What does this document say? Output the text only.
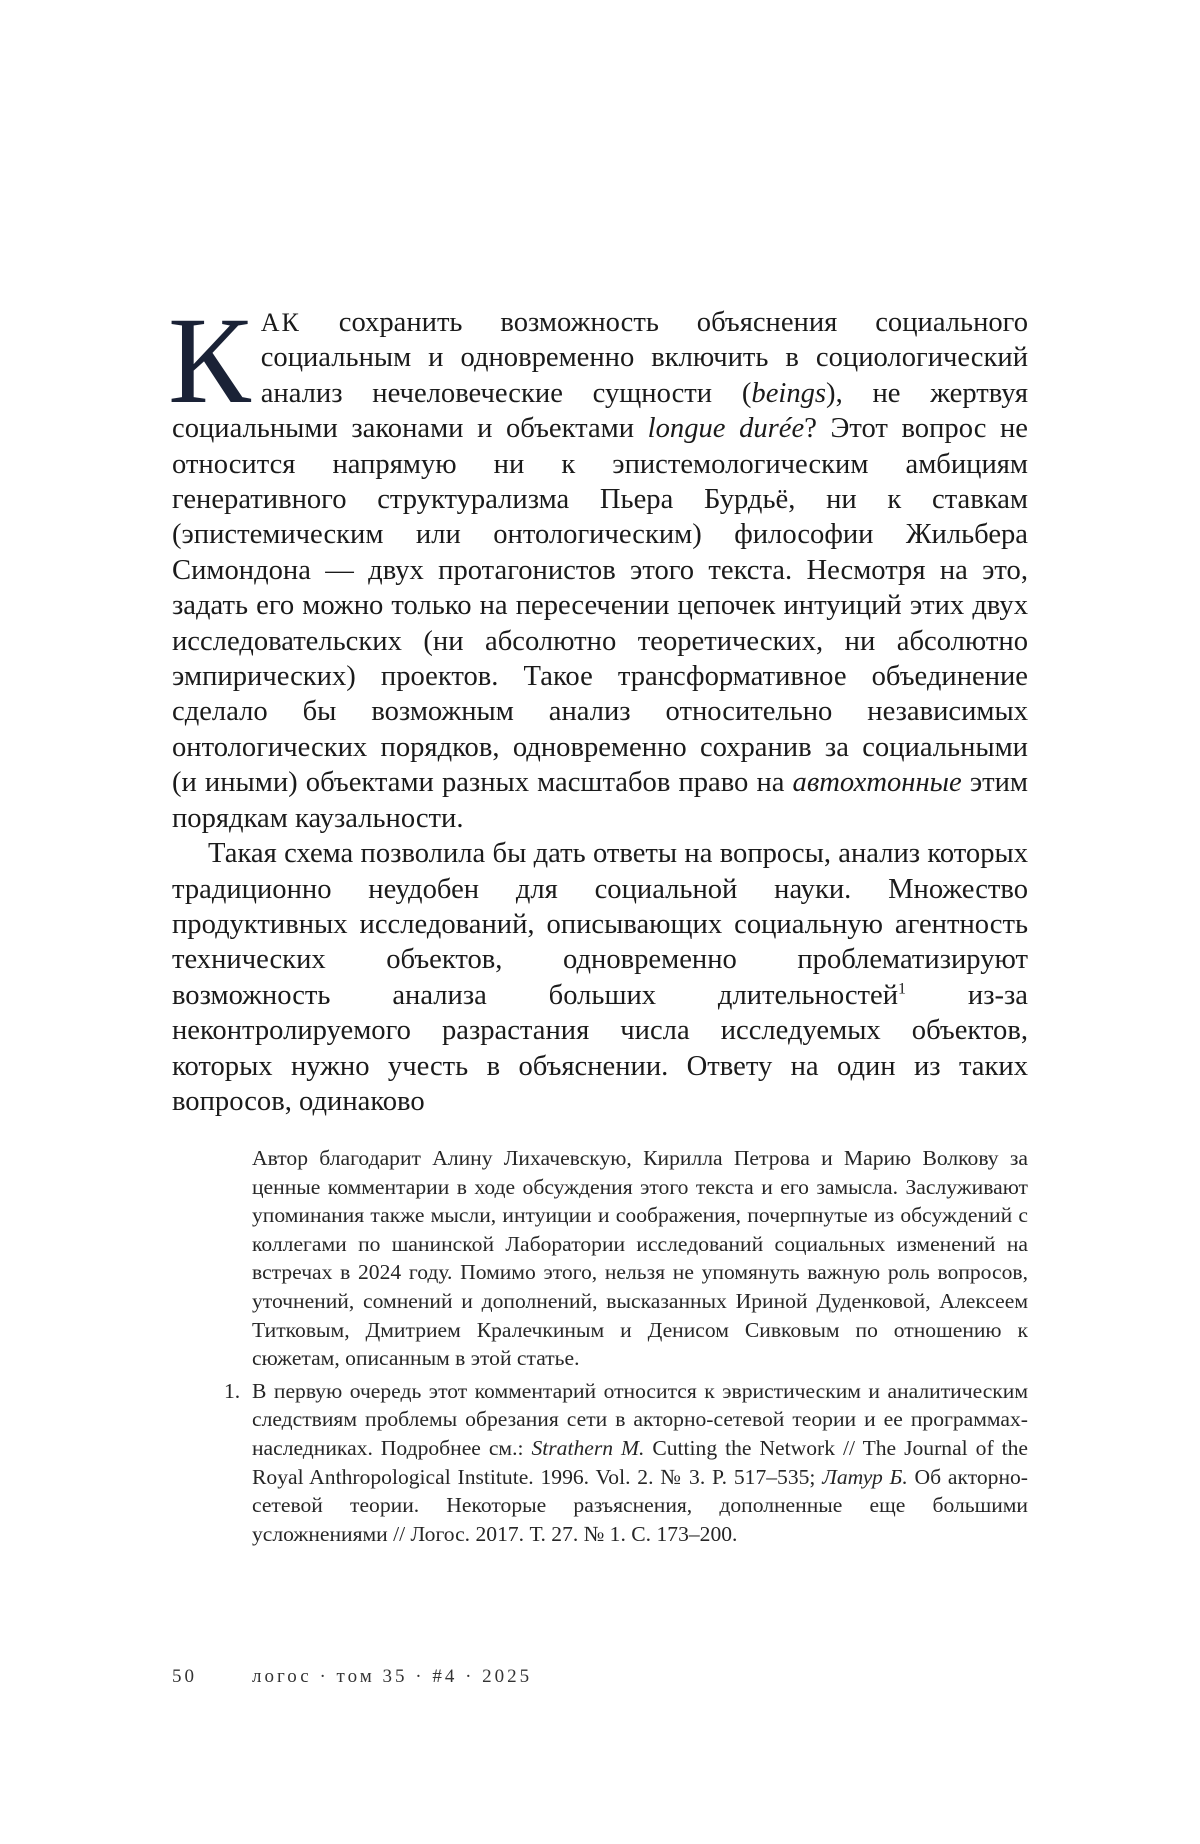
КАК сохранить возможность объяснения социального социальным и одновременно включить в социологический анализ нечеловеческие сущности (beings), не жертвуя социальными законами и объектами longue durée? Этот вопрос не относится напрямую ни к эпистемологическим амбициям генеративного структурализма Пьера Бурдьё, ни к ставкам (эпистемическим или онтологическим) философии Жильбера Симондона — двух протагонистов этого текста. Несмотря на это, задать его можно только на пересечении цепочек интуиций этих двух исследовательских (ни абсолютно теоретических, ни абсолютно эмпирических) проектов. Такое трансформативное объединение сделало бы возможным анализ относительно независимых онтологических порядков, одновременно сохранив за социальными (и иными) объектами разных масштабов право на автохтонные этим порядкам каузальности.

Такая схема позволила бы дать ответы на вопросы, анализ которых традиционно неудобен для социальной науки. Множество продуктивных исследований, описывающих социальную агентность технических объектов, одновременно проблематизируют возможность анализа больших длительностей$^1$ из-за неконтролируемого разрастания числа исследуемых объектов, которых нужно учесть в объяснении. Ответу на один из таких вопросов, одинаково

Автор благодарит Алину Лихачевскую, Кирилла Петрова и Марию Волкову за ценные комментарии в ходе обсуждения этого текста и его замысла. Заслуживают упоминания также мысли, интуиции и соображения, почерпнутые из обсуждений с коллегами по шанинской Лаборатории исследований социальных изменений на встречах в 2024 году. Помимо этого, нельзя не упомянуть важную роль вопросов, уточнений, сомнений и дополнений, высказанных Ириной Дуденковой, Алексеем Титковым, Дмитрием Кралечкиным и Денисом Сивковым по отношению к сюжетам, описанным в этой статье.

1. В первую очередь этот комментарий относится к эвристическим и аналитическим следствиям проблемы обрезания сети в акторно-сетевой теории и ее программах-наследниках. Подробнее см.: Strathern M. Cutting the Network // The Journal of the Royal Anthropological Institute. 1996. Vol. 2. № 3. P. 517–535; Латур Б. Об акторно-сетевой теории. Некоторые разъяснения, дополненные еще большими усложнениями // Логос. 2017. Т. 27. № 1. С. 173–200.

50	логос · том 35 · #4 · 2025
